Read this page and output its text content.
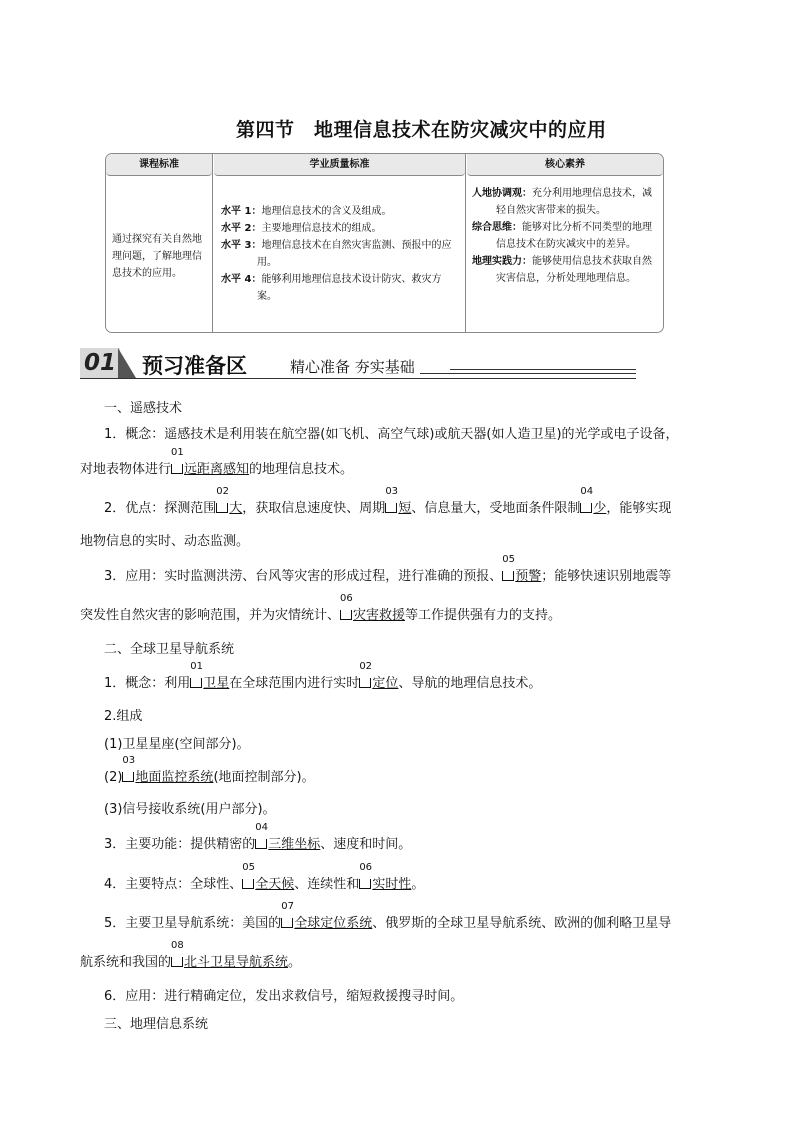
第四节　地理信息技术在防灾减灾中的应用
课程标准
通过探究有关自然地理问题，了解地理信息技术的应用。
学业质量标准
水平 1：地理信息技术的含义及组成。
水平 2：主要地理信息技术的组成。
水平 3：地理信息技术在自然灾害监测、预报中的应用。
水平 4：能够利用地理信息技术设计防灾、救灾方案。
核心素养
人地协调观：充分利用地理信息技术，减轻自然灾害带来的损失。
综合思维：能够对比分析不同类型的地理信息技术在防灾减灾中的差异。
地理实践力：能够使用信息技术获取自然灾害信息，分析处理地理信息。
01 预习准备区	精心准备 夯实基础
一、遥感技术
1．概念：遥感技术是利用装在航空器(如飞机、高空气球)或航天器(如人造卫星)的光学或电子设备，
对地表物体进行
01
远距离感知的地理信息技术。
2．优点：探测范围
02
大，获取信息速度快、周期
03
短、信息量大，受地面条件限制
04
少，能够实现
地物信息的实时、动态监测。
3．应用：实时监测洪涝、台风等灾害的形成过程，进行准确的预报、
05
预警；能够快速识别地震等
突发性自然灾害的影响范围，并为灾情统计、
06
灾害救援等工作提供强有力的支持。
二、全球卫星导航系统
1．概念：利用
01
卫星在全球范围内进行实时
02
定位、导航的地理信息技术。
2.组成
(1)卫星星座(空间部分)。
(2)
03
地面监控系统(地面控制部分)。
(3)信号接收系统(用户部分)。
3．主要功能：提供精密的
04
三维坐标、速度和时间。
4．主要特点：全球性、
05
全天候、连续性和
06
实时性。
5．主要卫星导航系统：美国的
07
全球定位系统、俄罗斯的全球卫星导航系统、欧洲的伽利略卫星导
航系统和我国的
08
北斗卫星导航系统。
6．应用：进行精确定位，发出求救信号，缩短救援搜寻时间。
三、地理信息系统
